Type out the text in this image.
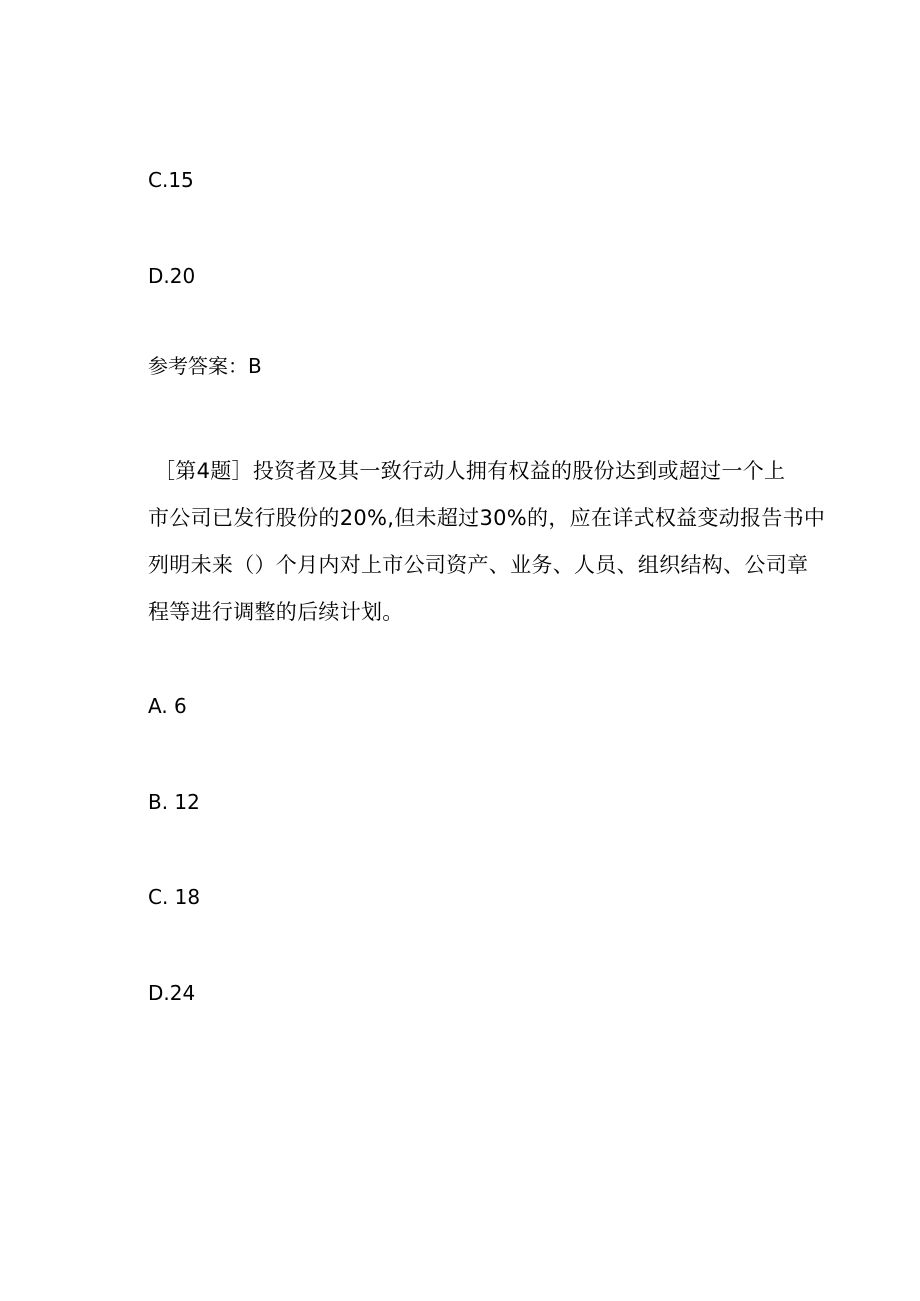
C.15

D.20

参考答案：B

［第4题］投资者及其一致行动人拥有权益的股份达到或超过一个上
市公司已发行股份的20%,但未超过30%的，应在详式权益变动报告书中
列明未来（）个月内对上市公司资产、业务、人员、组织结构、公司章
程等进行调整的后续计划。

A. 6

B. 12

C. 18

D.24
